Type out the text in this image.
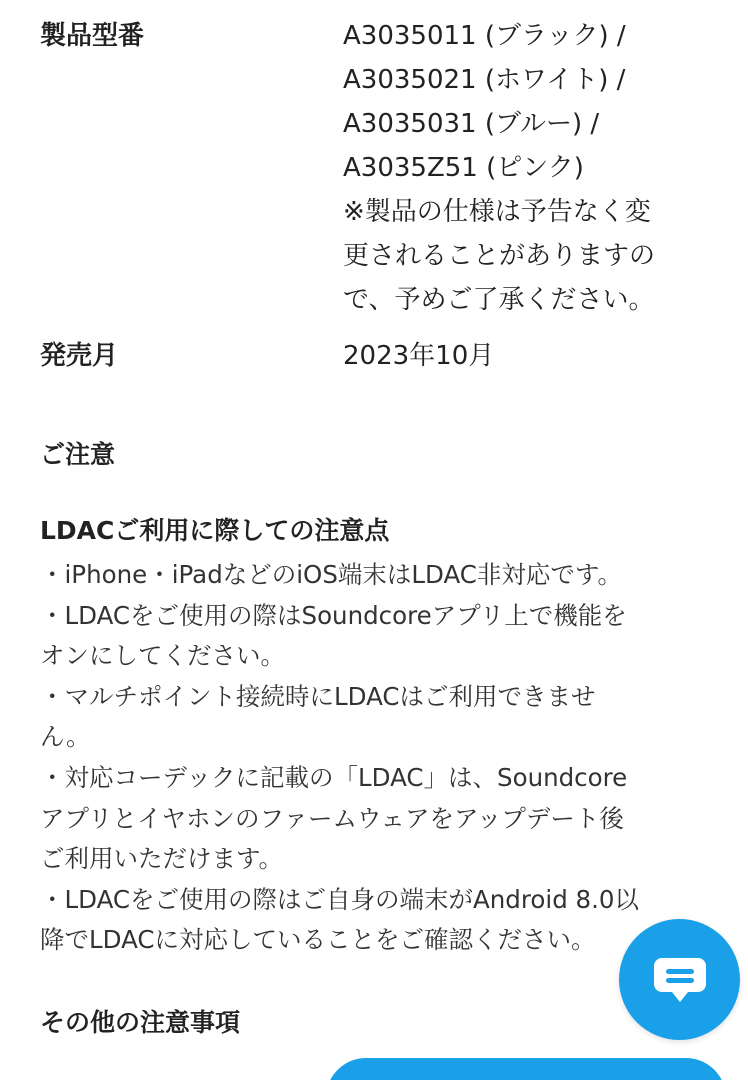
製品型番	A3035011 (ブラック) /
A3035021 (ホワイト) /
A3035031 (ブルー) /
A3035Z51 (ピンク)
※製品の仕様は予告なく変
更されることがありますの
で、予めご了承ください。
発売月	2023年10月
ご注意
LDACご利用に際しての注意点
・iPhone・iPadなどのiOS端末はLDAC非対応です。
・LDACをご使用の際はSoundcoreアプリ上で機能を
オンにしてください。
・マルチポイント接続時にLDACはご利用できませ
ん。
・対応コーデックに記載の「LDAC」は、Soundcore
アプリとイヤホンのファームウェアをアップデート後
ご利用いただけます。
・LDACをご使用の際はご自身の端末がAndroid 8.0以
降でLDACに対応していることをご確認ください。
その他の注意事項
